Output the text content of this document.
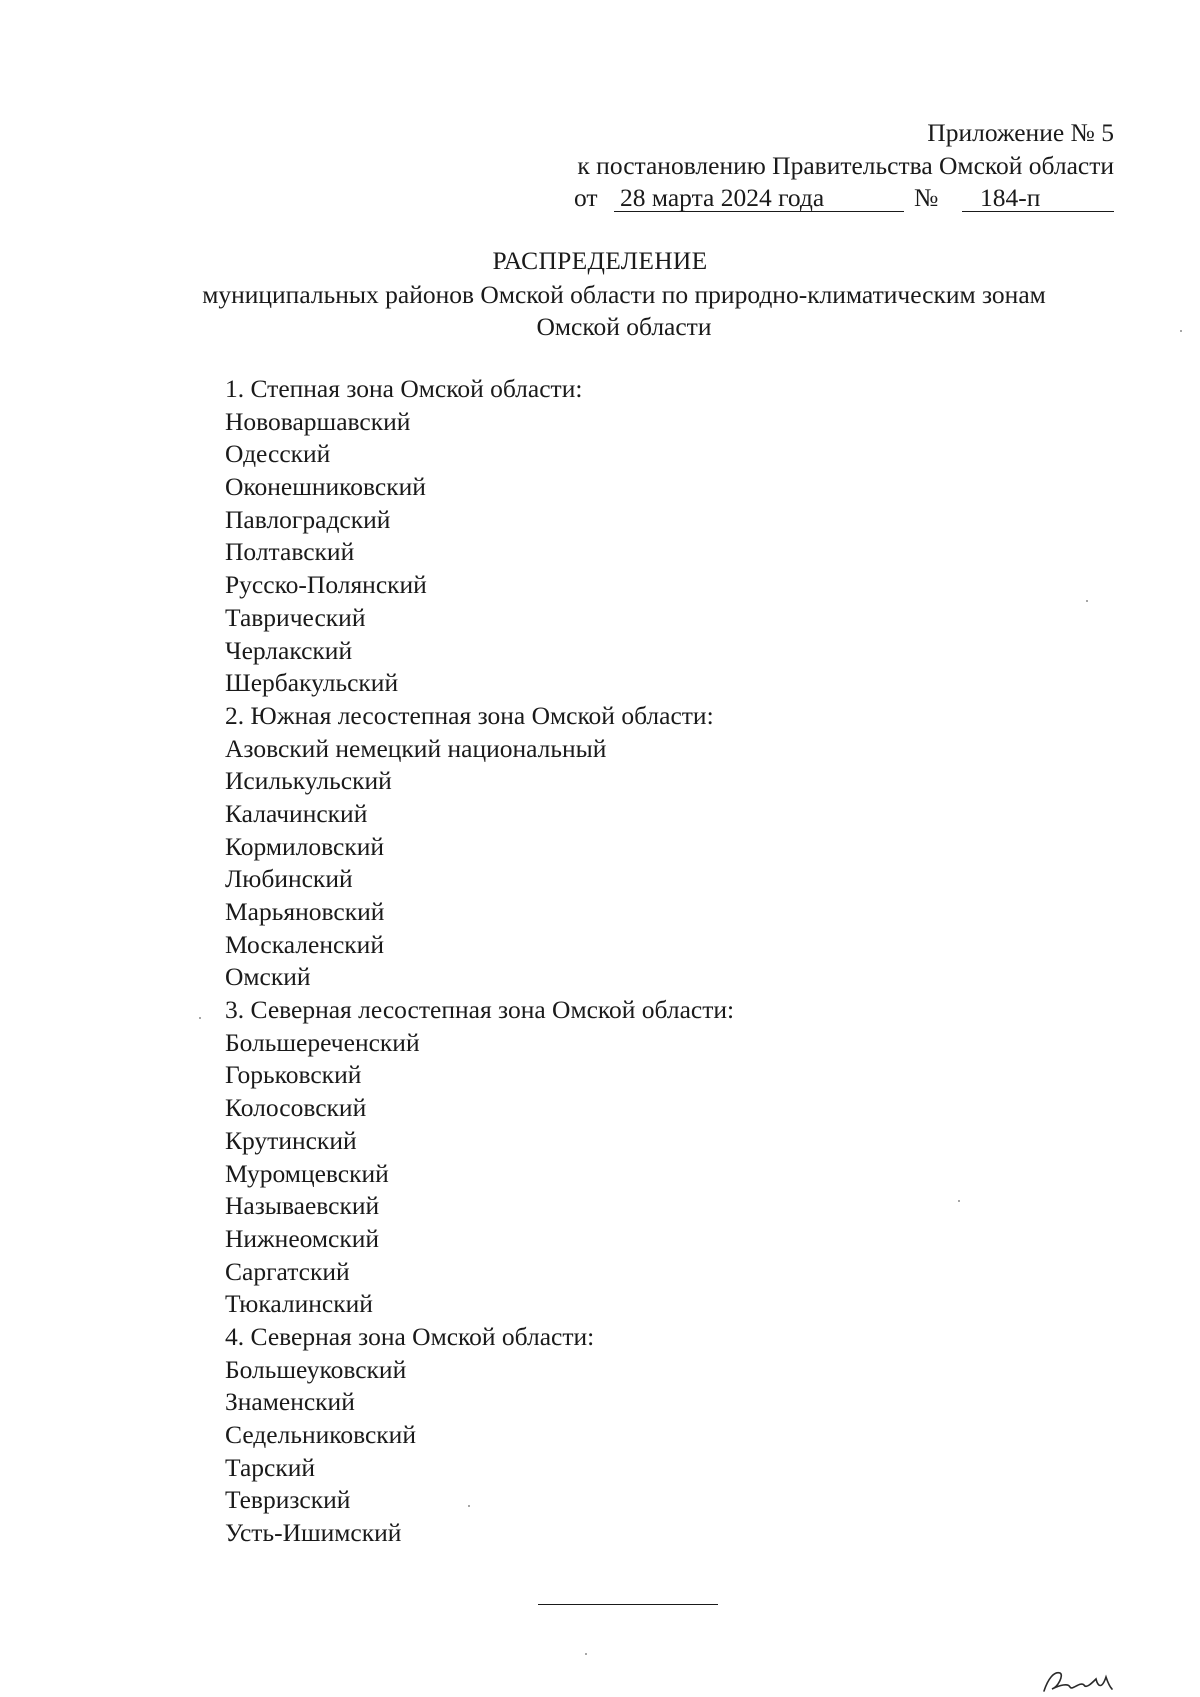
Приложение № 5
к постановлению Правительства Омской области
от 28 марта 2024 года	№	184-п
РАСПРЕДЕЛЕНИЕ
муниципальных районов Омской области по природно-климатическим зонам
Омской области
1. Степная зона Омской области:
Нововаршавский
Одесский
Оконешниковский
Павлоградский
Полтавский
Русско-Полянский
Таврический
Черлакский
Шербакульский
2. Южная лесостепная зона Омской области:
Азовский немецкий национальный
Исилькульский
Калачинский
Кормиловский
Любинский
Марьяновский
Москаленский
Омский
3. Северная лесостепная зона Омской области:
Большереченский
Горьковский
Колосовский
Крутинский
Муромцевский
Называевский
Нижнеомский
Саргатский
Тюкалинский
4. Северная зона Омской области:
Большеуковский
Знаменский
Седельниковский
Тарский
Тевризский
Усть-Ишимский
